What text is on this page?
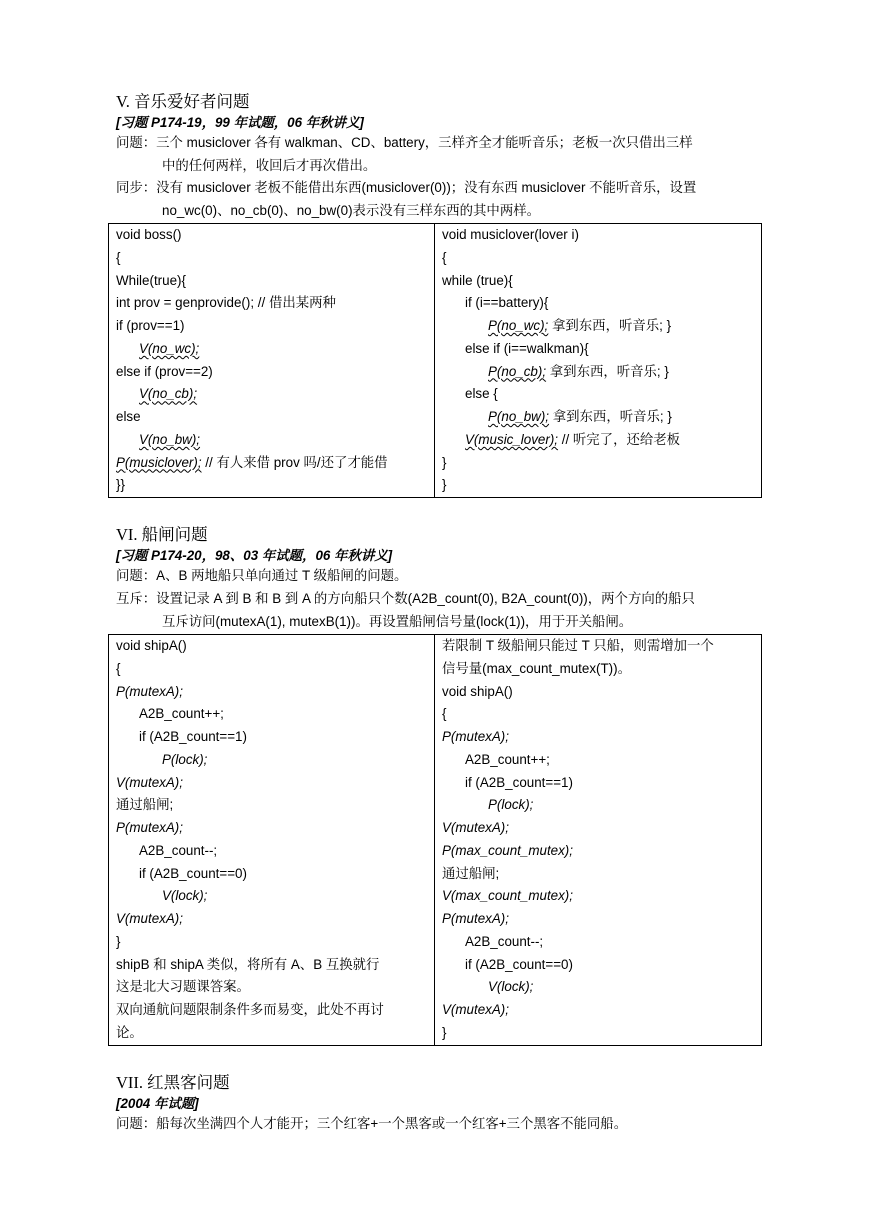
V. 音乐爱好者问题
[习题 P174-19，99 年试题，06 年秋讲义]
问题：三个 musiclover 各有 walkman、CD、battery，三样齐全才能听音乐；老板一次只借出三样
中的任何两样，收回后才再次借出。
同步：没有 musiclover 老板不能借出东西(musiclover(0))；没有东西 musiclover 不能听音乐，设置
no_wc(0)、no_cb(0)、no_bw(0)表示没有三样东西的其中两样。
void boss()
{
While(true){
int prov = genprovide(); // 借出某两种
if (prov==1)
V(no_wc);
else if (prov==2)
V(no_cb);
else
V(no_bw);
P(musiclover); // 有人来借 prov 吗/还了才能借
}}

void musiclover(lover i)
{
while (true){
if (i==battery){
P(no_wc); 拿到东西，听音乐; }
else if (i==walkman){
P(no_cb); 拿到东西，听音乐; }
else {
P(no_bw); 拿到东西，听音乐; }
V(music_lover); // 听完了，还给老板
}
}
VI. 船闸问题
[习题 P174-20，98、03 年试题，06 年秋讲义]
问题：A、B 两地船只单向通过 T 级船闸的问题。
互斥：设置记录 A 到 B 和 B 到 A 的方向船只个数(A2B_count(0), B2A_count(0))，两个方向的船只
互斥访问(mutexA(1), mutexB(1))。再设置船闸信号量(lock(1))，用于开关船闸。
void shipA()
{
P(mutexA);
A2B_count++;
if (A2B_count==1)
P(lock);
V(mutexA);
通过船闸;
P(mutexA);
A2B_count--;
if (A2B_count==0)
V(lock);
V(mutexA);
}
shipB 和 shipA 类似，将所有 A、B 互换就行
这是北大习题课答案。
双向通航问题限制条件多而易变，此处不再讨
论。

若限制 T 级船闸只能过 T 只船，则需增加一个
信号量(max_count_mutex(T))。
void shipA()
{
P(mutexA);
A2B_count++;
if (A2B_count==1)
P(lock);
V(mutexA);
P(max_count_mutex);
通过船闸;
V(max_count_mutex);
P(mutexA);
A2B_count--;
if (A2B_count==0)
V(lock);
V(mutexA);
}
VII. 红黑客问题
[2004 年试题]
问题：船每次坐满四个人才能开；三个红客+一个黑客或一个红客+三个黑客不能同船。
